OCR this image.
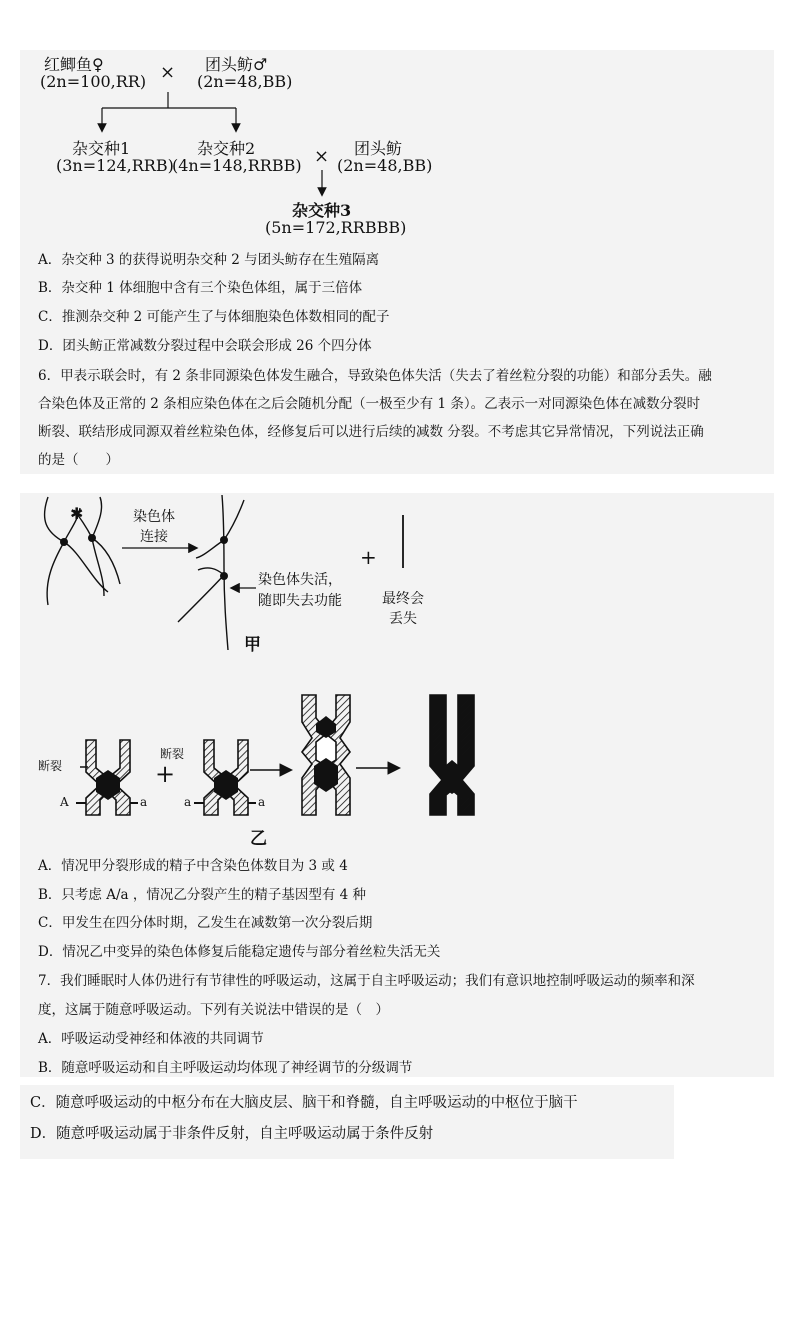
红鲫鱼♀
(2n=100,RR) × 团头鲂♂
(2n=48,BB)
杂交种1
(3n=124,RRB)
杂交种2
(4n=148,RRBB) × 团头鲂
(2n=48,BB)
杂交种3
(5n=172,RRBBB)
A．杂交种 3 的获得说明杂交种 2 与团头鲂存在生殖隔离
B．杂交种 1 体细胞中含有三个染色体组，属于三倍体
C．推测杂交种 2 可能产生了与体细胞染色体数相同的配子
D．团头鲂正常减数分裂过程中会联会形成 26 个四分体
6．甲表示联会时，有 2 条非同源染色体发生融合，导致染色体失活（失去了着丝粒分裂的功能）和部分丢失。融
合染色体及正常的 2 条相应染色体在之后会随机分配（一极至少有 1 条）。乙表示一对同源染色体在减数分裂时
断裂、联结形成同源双着丝粒染色体，经修复后可以进行后续的减数 分裂。不考虑其它异常情况，下列说法正确
的是（　　）
✱	染色体
连接
染色体失活，
随即失去功能
+
最终会
丢失
甲
断裂
断裂
+
A	a	a	a
乙
A．情况甲分裂形成的精子中含染色体数目为 3 或 4
B．只考虑 A/a ，情况乙分裂产生的精子基因型有 4 种
C．甲发生在四分体时期，乙发生在减数第一次分裂后期
D．情况乙中变异的染色体修复后能稳定遗传与部分着丝粒失活无关
7．我们睡眠时人体仍进行有节律性的呼吸运动，这属于自主呼吸运动；我们有意识地控制呼吸运动的频率和深
度，这属于随意呼吸运动。下列有关说法中错误的是（　）
A．呼吸运动受神经和体液的共同调节
B．随意呼吸运动和自主呼吸运动均体现了神经调节的分级调节
C．随意呼吸运动的中枢分布在大脑皮层、脑干和脊髓，自主呼吸运动的中枢位于脑干
D．随意呼吸运动属于非条件反射，自主呼吸运动属于条件反射
